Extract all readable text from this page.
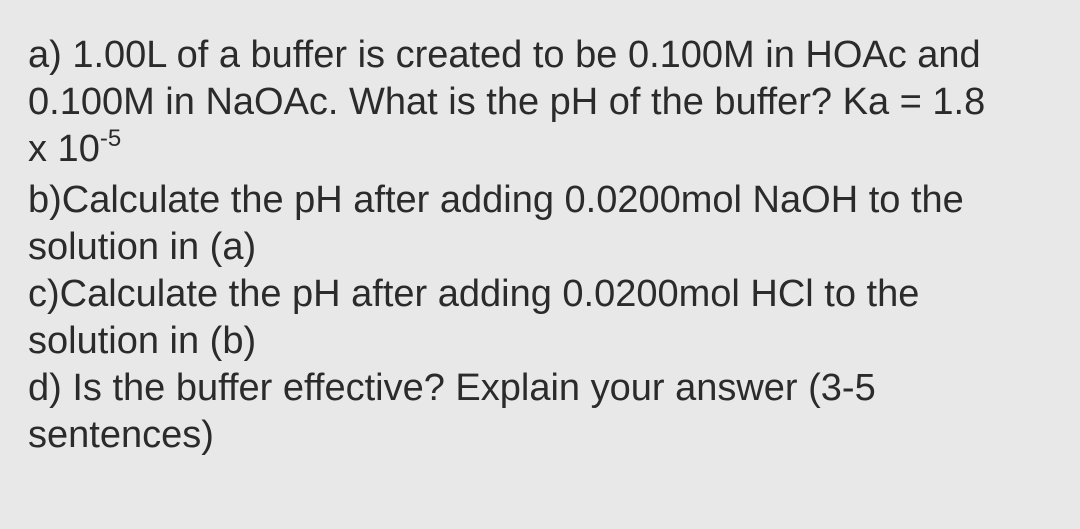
a) 1.00L of a buffer is created to be 0.100M in HOAc and
0.100M in NaOAc. What is the pH of the buffer? Ka = 1.8
x $10^{-5}$
b)Calculate the pH after adding 0.0200mol NaOH to the
solution in (a)
c)Calculate the pH after adding 0.0200mol HCl to the
solution in (b)
d) Is the buffer effective? Explain your answer (3-5
sentences)
